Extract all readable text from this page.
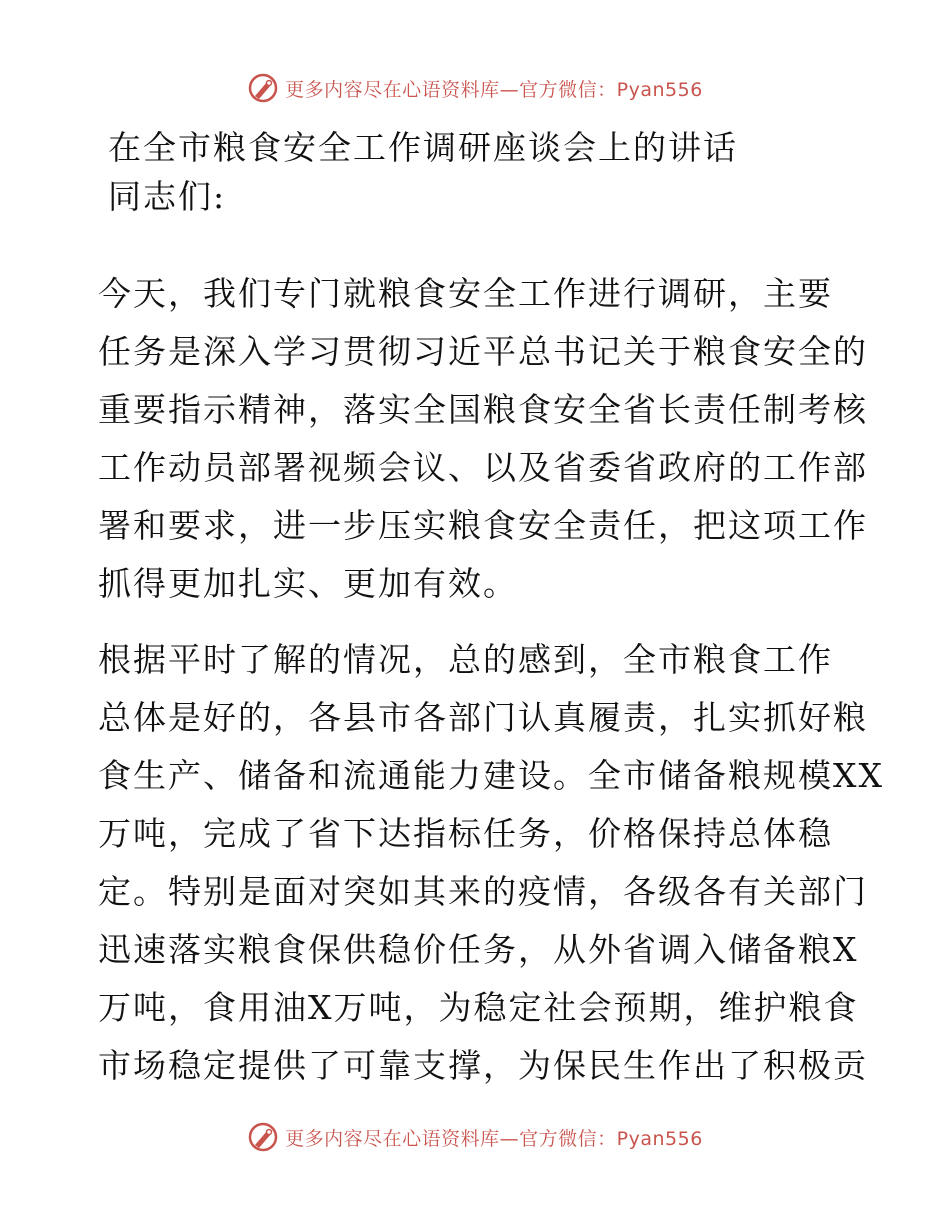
更多内容尽在心语资料库—官方微信：Pyan556
在全市粮食安全工作调研座谈会上的讲话
同志们:
今天，我们专门就粮食安全工作进行调研，主要
任务是深入学习贯彻习近平总书记关于粮食安全的
重要指示精神，落实全国粮食安全省长责任制考核
工作动员部署视频会议、以及省委省政府的工作部
署和要求，进一步压实粮食安全责任，把这项工作
抓得更加扎实、更加有效。
根据平时了解的情况，总的感到，全市粮食工作
总体是好的，各县市各部门认真履责，扎实抓好粮
食生产、储备和流通能力建设。全市储备粮规模XX
万吨，完成了省下达指标任务，价格保持总体稳
定。特别是面对突如其来的疫情，各级各有关部门
迅速落实粮食保供稳价任务，从外省调入储备粮X
万吨，食用油X万吨，为稳定社会预期，维护粮食
市场稳定提供了可靠支撑，为保民生作出了积极贡
更多内容尽在心语资料库—官方微信：Pyan556
